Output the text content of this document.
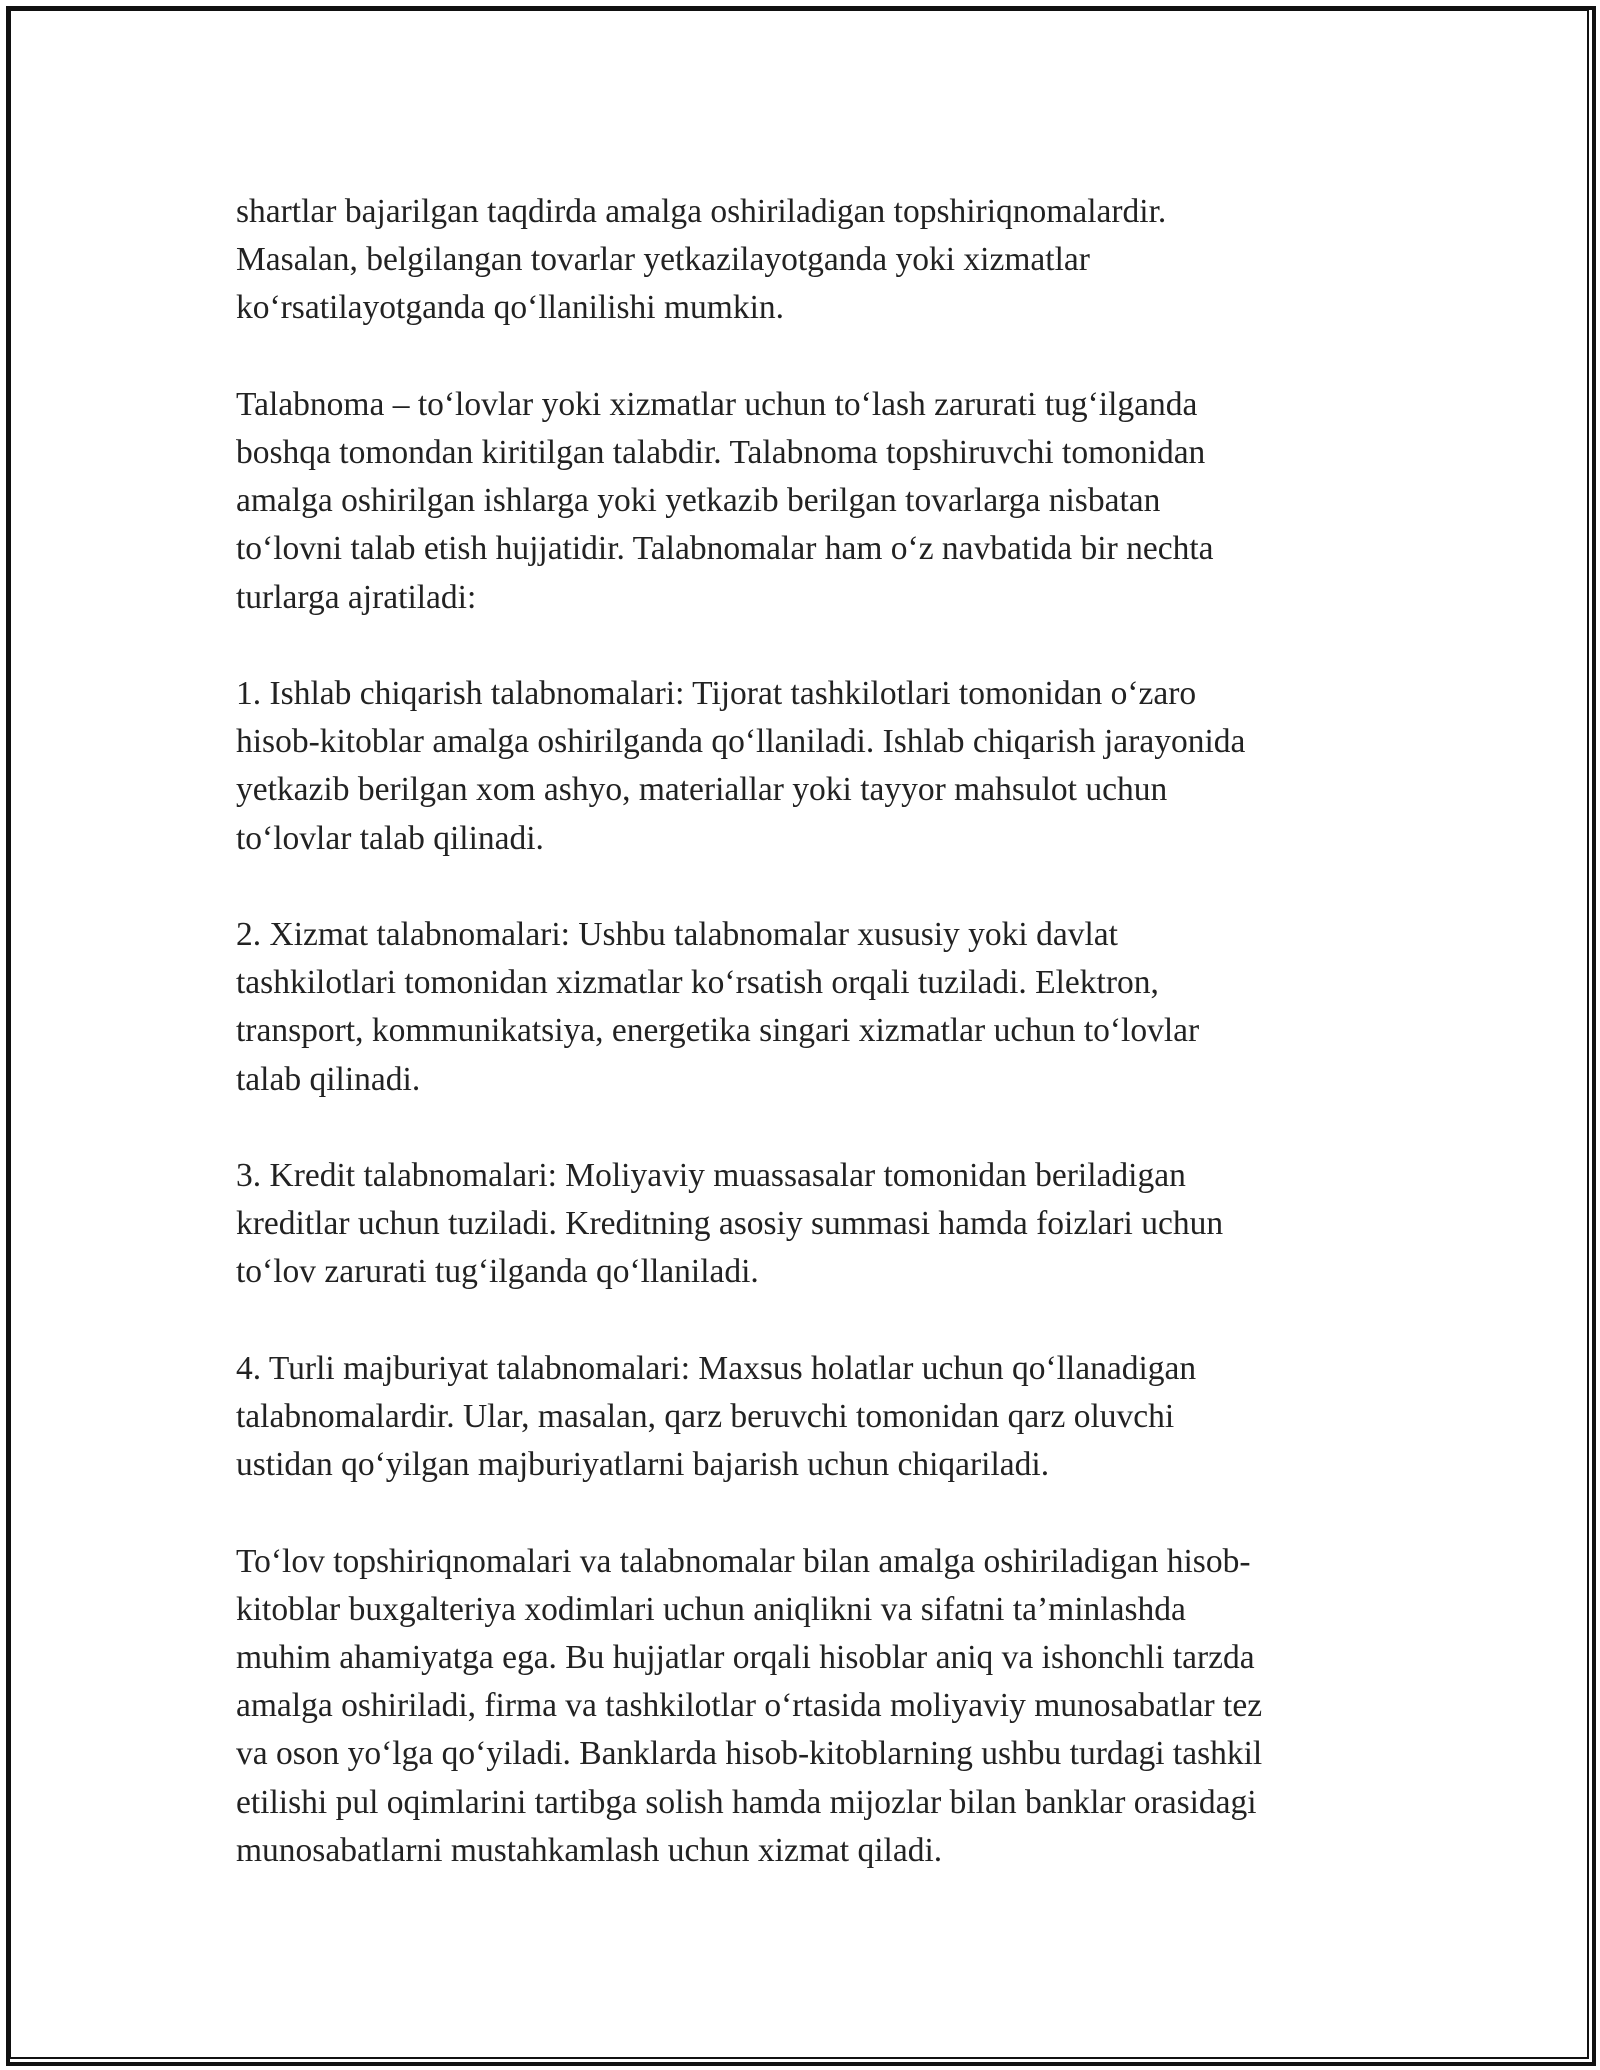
shartlar bajarilgan taqdirda amalga oshiriladigan topshiriqnomalardir.
Masalan, belgilangan tovarlar yetkazilayotganda yoki xizmatlar
ko‘rsatilayotganda qo‘llanilishi mumkin.

Talabnoma – to‘lovlar yoki xizmatlar uchun to‘lash zarurati tug‘ilganda
boshqa tomondan kiritilgan talabdir. Talabnoma topshiruvchi tomonidan
amalga oshirilgan ishlarga yoki yetkazib berilgan tovarlarga nisbatan
to‘lovni talab etish hujjatidir. Talabnomalar ham o‘z navbatida bir nechta
turlarga ajratiladi:

1. Ishlab chiqarish talabnomalari: Tijorat tashkilotlari tomonidan o‘zaro
hisob-kitoblar amalga oshirilganda qo‘llaniladi. Ishlab chiqarish jarayonida
yetkazib berilgan xom ashyo, materiallar yoki tayyor mahsulot uchun
to‘lovlar talab qilinadi.

2. Xizmat talabnomalari: Ushbu talabnomalar xususiy yoki davlat
tashkilotlari tomonidan xizmatlar ko‘rsatish orqali tuziladi. Elektron,
transport, kommunikatsiya, energetika singari xizmatlar uchun to‘lovlar
talab qilinadi.

3. Kredit talabnomalari: Moliyaviy muassasalar tomonidan beriladigan
kreditlar uchun tuziladi. Kreditning asosiy summasi hamda foizlari uchun
to‘lov zarurati tug‘ilganda qo‘llaniladi.

4. Turli majburiyat talabnomalari: Maxsus holatlar uchun qo‘llanadigan
talabnomalardir. Ular, masalan, qarz beruvchi tomonidan qarz oluvchi
ustidan qo‘yilgan majburiyatlarni bajarish uchun chiqariladi.

To‘lov topshiriqnomalari va talabnomalar bilan amalga oshiriladigan hisob-
kitoblar buxgalteriya xodimlari uchun aniqlikni va sifatni ta’minlashda
muhim ahamiyatga ega. Bu hujjatlar orqali hisoblar aniq va ishonchli tarzda
amalga oshiriladi, firma va tashkilotlar o‘rtasida moliyaviy munosabatlar tez
va oson yo‘lga qo‘yiladi. Banklarda hisob-kitoblarning ushbu turdagi tashkil
etilishi pul oqimlarini tartibga solish hamda mijozlar bilan banklar orasidagi
munosabatlarni mustahkamlash uchun xizmat qiladi.
